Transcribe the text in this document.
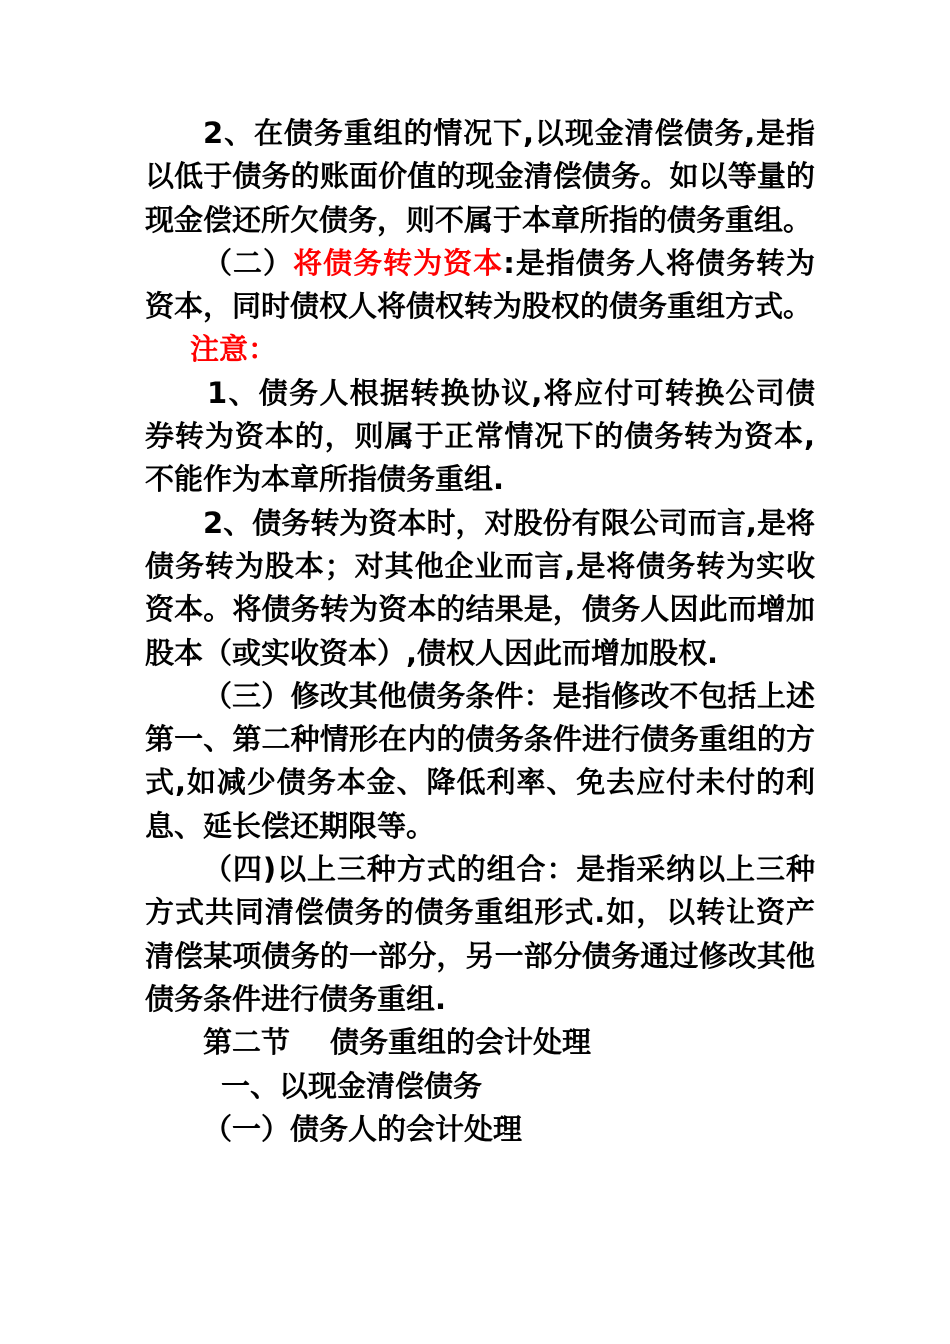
2、在债务重组的情况下,以现金清偿债务,是指以低于债务的账面价值的现金清偿债务。如以等量的现金偿还所欠债务，则不属于本章所指的债务重组。

（二）将债务转为资本:是指债务人将债务转为资本，同时债权人将债权转为股权的债务重组方式。

注意：

1、债务人根据转换协议,将应付可转换公司债券转为资本的，则属于正常情况下的债务转为资本,不能作为本章所指债务重组.

2、债务转为资本时，对股份有限公司而言,是将债务转为股本；对其他企业而言,是将债务转为实收资本。将债务转为资本的结果是，债务人因此而增加股本（或实收资本）,债权人因此而增加股权.

（三）修改其他债务条件：是指修改不包括上述第一、第二种情形在内的债务条件进行债务重组的方式,如减少债务本金、降低利率、免去应付未付的利息、延长偿还期限等。

（四)以上三种方式的组合：是指采纳以上三种方式共同清偿债务的债务重组形式.如，以转让资产清偿某项债务的一部分，另一部分债务通过修改其他债务条件进行债务重组.

第二节 债务重组的会计处理

一、以现金清偿债务

（一）债务人的会计处理
